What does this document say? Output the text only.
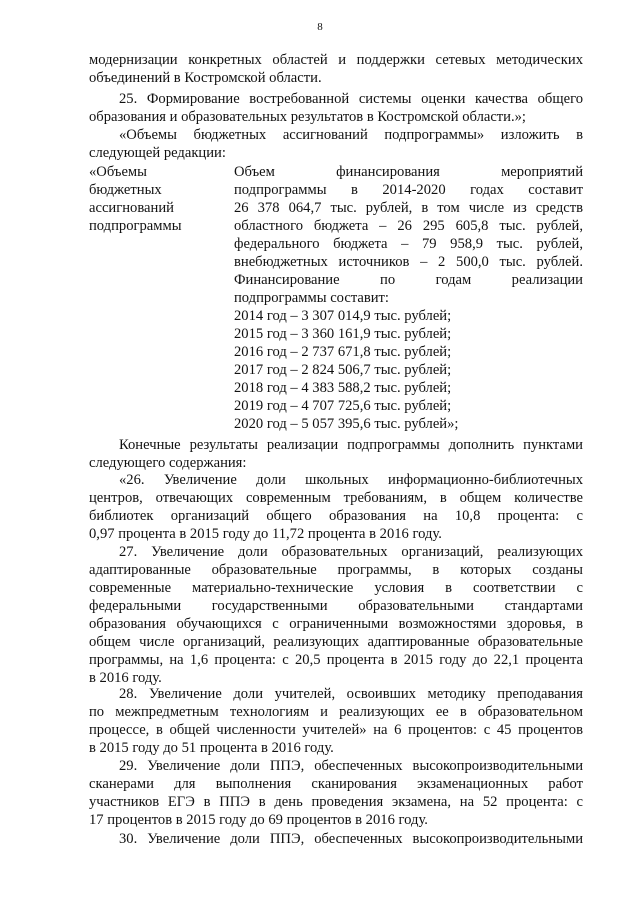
8
модернизации конкретных областей и поддержки сетевых методических
объединений в Костромской области.
25. Формирование востребованной системы оценки качества общего
образования и образовательных результатов в Костромской области.»;
«Объемы бюджетных ассигнований подпрограммы» изложить в
следующей редакции:
«Объемы
бюджетных
ассигнований
подпрограммы
Объем финансирования мероприятий
подпрограммы в 2014-2020 годах составит
26 378 064,7 тыс. рублей, в том числе из средств
областного бюджета – 26 295 605,8 тыс. рублей,
федерального бюджета – 79 958,9 тыс. рублей,
внебюджетных источников – 2 500,0 тыс. рублей.
Финансирование по годам реализации
подпрограммы составит:
2014 год – 3 307 014,9 тыс. рублей;
2015 год – 3 360 161,9 тыс. рублей;
2016 год – 2 737 671,8 тыс. рублей;
2017 год – 2 824 506,7 тыс. рублей;
2018 год – 4 383 588,2 тыс. рублей;
2019 год – 4 707 725,6 тыс. рублей;
2020 год – 5 057 395,6 тыс. рублей»;
Конечные результаты реализации подпрограммы дополнить пунктами
следующего содержания:
«26. Увеличение доли школьных информационно-библиотечных
центров, отвечающих современным требованиям, в общем количестве
библиотек организаций общего образования на 10,8 процента: с
0,97 процента в 2015 году до 11,72 процента в 2016 году.
27. Увеличение доли образовательных организаций, реализующих
адаптированные образовательные программы, в которых созданы
современные материально-технические условия в соответствии с
федеральными государственными образовательными стандартами
образования обучающихся с ограниченными возможностями здоровья, в
общем числе организаций, реализующих адаптированные образовательные
программы, на 1,6 процента: с 20,5 процента в 2015 году до 22,1 процента
в 2016 году.
28. Увеличение доли учителей, освоивших методику преподавания
по межпредметным технологиям и реализующих ее в образовательном
процессе, в общей численности учителей» на 6 процентов: с 45 процентов
в 2015 году до 51 процента в 2016 году.
29. Увеличение доли ППЭ, обеспеченных высокопроизводительными
сканерами для выполнения сканирования экзаменационных работ
участников ЕГЭ в ППЭ в день проведения экзамена, на 52 процента: с
17 процентов в 2015 году до 69 процентов в 2016 году.
30. Увеличение доли ППЭ, обеспеченных высокопроизводительными
